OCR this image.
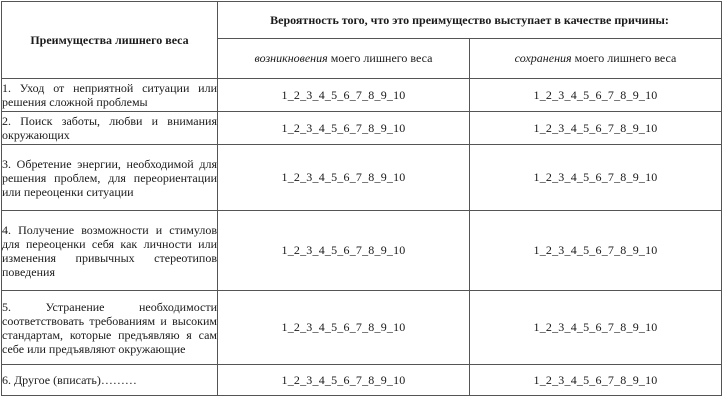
Преимущества лишнего веса	Вероятность того, что это преимущество выступает в качестве причины:	
	возникновения моего лишнего веса	сохранения моего лишнего веса
1. Уход от неприятной ситуации или решения сложной проблемы	1_2_3_4_5_6_7_8_9_10	1_2_3_4_5_6_7_8_9_10
2. Поиск заботы, любви и внимания окружающих	1_2_3_4_5_6_7_8_9_10	1_2_3_4_5_6_7_8_9_10
3. Обретение энергии, необходимой для решения проблем, для переориентации или переоценки ситуации	1_2_3_4_5_6_7_8_9_10	1_2_3_4_5_6_7_8_9_10
4. Получение возможности и стимулов для переоценки себя как личности или изменения привычных стереотипов поведения	1_2_3_4_5_6_7_8_9_10	1_2_3_4_5_6_7_8_9_10
5. Устранение необходимости соответствовать требованиям и высоким стандартам, которые предъявляю я сам себе или предъявляют окружающие	1_2_3_4_5_6_7_8_9_10	1_2_3_4_5_6_7_8_9_10
6. Другое (вписать)………	1_2_3_4_5_6_7_8_9_10	1_2_3_4_5_6_7_8_9_10
